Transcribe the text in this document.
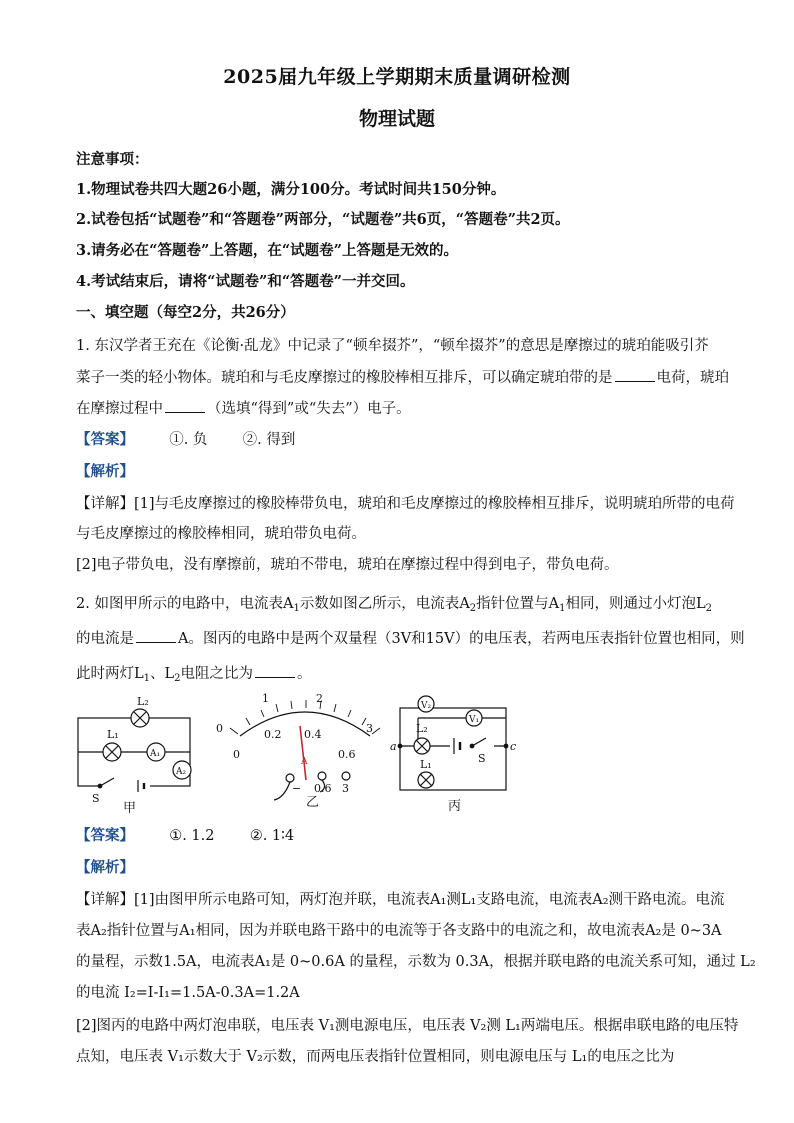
2025届九年级上学期期末质量调研检测
物理试题
注意事项：
1.物理试卷共四大题26小题，满分100分。考试时间共150分钟。
2.试卷包括“试题卷”和“答题卷”两部分，“试题卷”共6页，“答题卷”共2页。
3.请务必在“答题卷”上答题，在“试题卷”上答题是无效的。
4.考试结束后，请将“试题卷”和“答题卷”一并交回。
一、填空题（每空2分，共26分）
1. 东汉学者王充在《论衡·乱龙》中记录了“顿牟掇芥”，“顿牟掇芥”的意思是摩擦过的琥珀能吸引芥
菜子一类的轻小物体。琥珀和与毛皮摩擦过的橡胶棒相互排斥，可以确定琥珀带的是	电荷，琥珀
在摩擦过程中	（选填“得到”或“失去”）电子。
【答案】 ①. 负 ②. 得到
【解析】
【详解】[1]与毛皮摩擦过的橡胶棒带负电，琥珀和毛皮摩擦过的橡胶棒相互排斥，说明琥珀所带的电荷
与毛皮摩擦过的橡胶棒相同，琥珀带负电荷。
[2]电子带负电，没有摩擦前，琥珀不带电，琥珀在摩擦过程中得到电子，带负电荷。
2. 如图甲所示的电路中，电流表$A_1$示数如图乙所示，电流表$A_2$指针位置与$A_1$相同，则通过小灯泡$L_2$
的电流是	A。图丙的电路中是两个双量程（3V和15V）的电压表，若两电压表指针位置也相同，则
此时两灯$L_1$、$L_2$电阻之比为	。
L₂
L₁
A₁
A₂
S
甲
0
1	2
3
0
0.2 0.4
0.6
A
− 0.6 3
乙
V₂
V₁
L₂
L₁	S
a	c
丙
【答案】 ①. 1.2 ②. 1∶4
【解析】
【详解】[1]由图甲所示电路可知，两灯泡并联，电流表A₁测L₁支路电流，电流表A₂测干路电流。电流
表A₂指针位置与A₁相同，因为并联电路干路中的电流等于各支路中的电流之和，故电流表A₂是 0~3A
的量程，示数1.5A，电流表A₁是 0~0.6A 的量程，示数为 0.3A，根据并联电路的电流关系可知，通过 L₂
的电流 I₂=I-I₁=1.5A-0.3A=1.2A
[2]图丙的电路中两灯泡串联，电压表 V₁测电源电压，电压表 V₂测 L₁两端电压。根据串联电路的电压特
点知，电压表 V₁示数大于 V₂示数，而两电压表指针位置相同，则电源电压与 L₁的电压之比为
